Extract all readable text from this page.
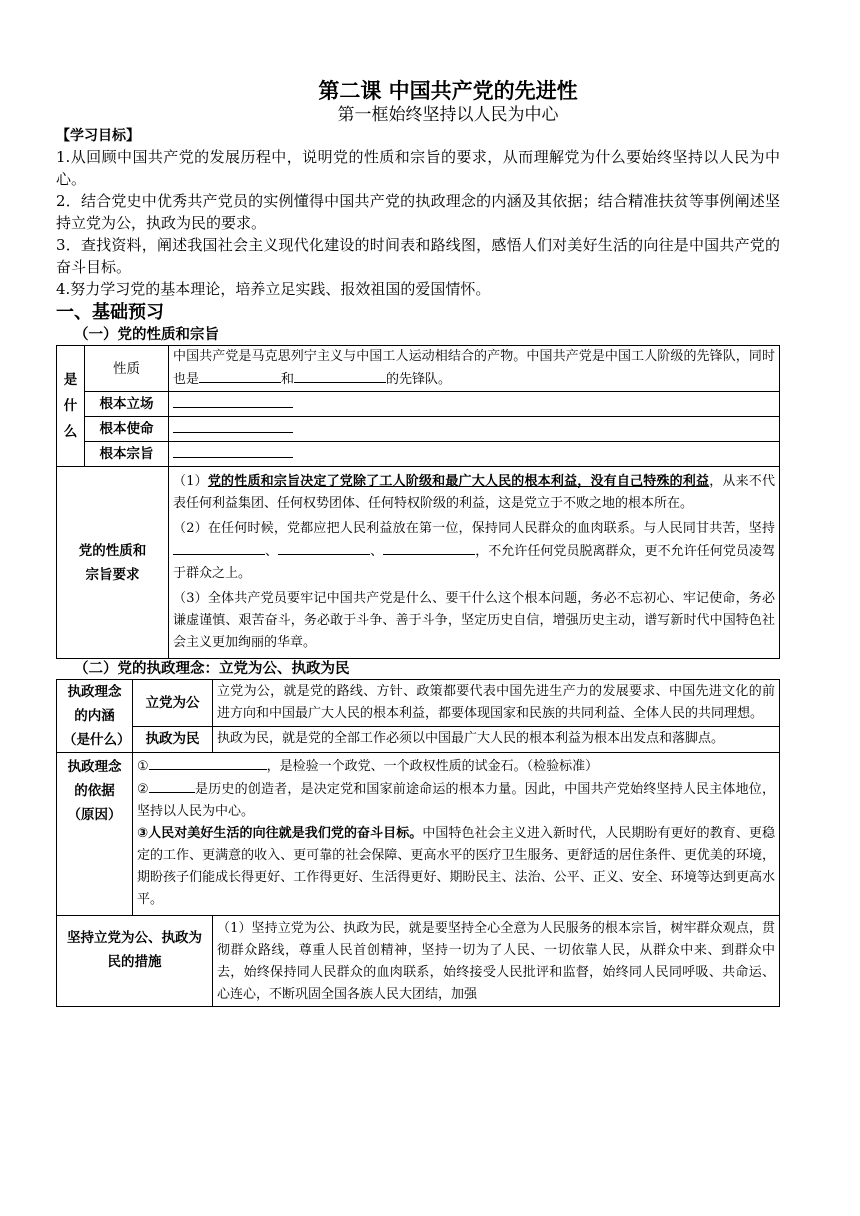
第二课 中国共产党的先进性
第一框始终坚持以人民为中心
【学习目标】
1.从回顾中国共产党的发展历程中，说明党的性质和宗旨的要求，从而理解党为什么要始终坚持以人民为中心。
2．结合党史中优秀共产党员的实例懂得中国共产党的执政理念的内涵及其依据；结合精准扶贫等事例阐述坚持立党为公，执政为民的要求。
3．查找资料，阐述我国社会主义现代化建设的时间表和路线图，感悟人们对美好生活的向往是中国共产党的奋斗目标。
4.努力学习党的基本理论，培养立足实践、报效祖国的爱国情怀。
一、基础预习
（一）党的性质和宗旨
是
什
么	性质	中国共产党是马克思列宁主义与中国工人运动相结合的产物。中国共产党是中国工人阶级的先锋队，同时也是 和 的先锋队。
	根本立场	
	根本使命	
	根本宗旨	
党的性质和宗旨要求		（1）党的性质和宗旨决定了党除了工人阶级和最广大人民的根本利益，没有自己特殊的利益，从来不代表任何利益集团、任何权势团体、任何特权阶级的利益，这是党立于不败之地的根本所在。

（2）在任何时候，党都应把人民利益放在第一位，保持同人民群众的血肉联系。与人民同甘共苦，坚持、 、 ，不允许任何党员脱离群众，更不允许任何党员凌驾于群众之上。

（3）全体共产党员要牢记中国共产党是什么、要干什么这个根本问题，务必不忘初心、牢记使命，务必谦虚谨慎、艰苦奋斗，务必敢于斗争、善于斗争，坚定历史自信，增强历史主动，谱写新时代中国特色社会主义更加绚丽的华章。

（二）党的执政理念：立党为公、执政为民
执政理念的内涵（是什么）	立党为公	立党为公，就是党的路线、方针、政策都要代表中国先进生产力的发展要求、中国先进文化的前进方向和中国最广大人民的根本利益，都要体现国家和民族的共同利益、全体人民的共同理想。
	执政为民	执政为民，就是党的全部工作必须以中国最广大人民的根本利益为根本出发点和落脚点。
执政理念的依据（原因）	① ，是检验一个政党、一个政权性质的试金石。（检验标准）

② 是历史的创造者，是决定党和国家前途命运的根本力量。因此，中国共产党始终坚持人民主体地位，坚持以人民为中心。

③人民对美好生活的向往就是我们党的奋斗目标。中国特色社会主义进入新时代，人民期盼有更好的教育、更稳定的工作、更满意的收入、更可靠的社会保障、更高水平的医疗卫生服务、更舒适的居住条件、更优美的环境，期盼孩子们能成长得更好、工作得更好、生活得更好、期盼民主、法治、公平、正义、安全、环境等达到更高水平。	

坚持立党为公、执政为民的措施		（1）坚持立党为公、执政为民，就是要坚持全心全意为人民服务的根本宗旨，树牢群众观点，贯彻群众路线，尊重人民首创精神，坚持一切为了人民、一切依靠人民，从群众中来、到群众中去，始终保持同人民群众的血肉联系，始终接受人民批评和监督，始终同人民同呼吸、共命运、心连心，不断巩固全国各族人民大团结，加强
